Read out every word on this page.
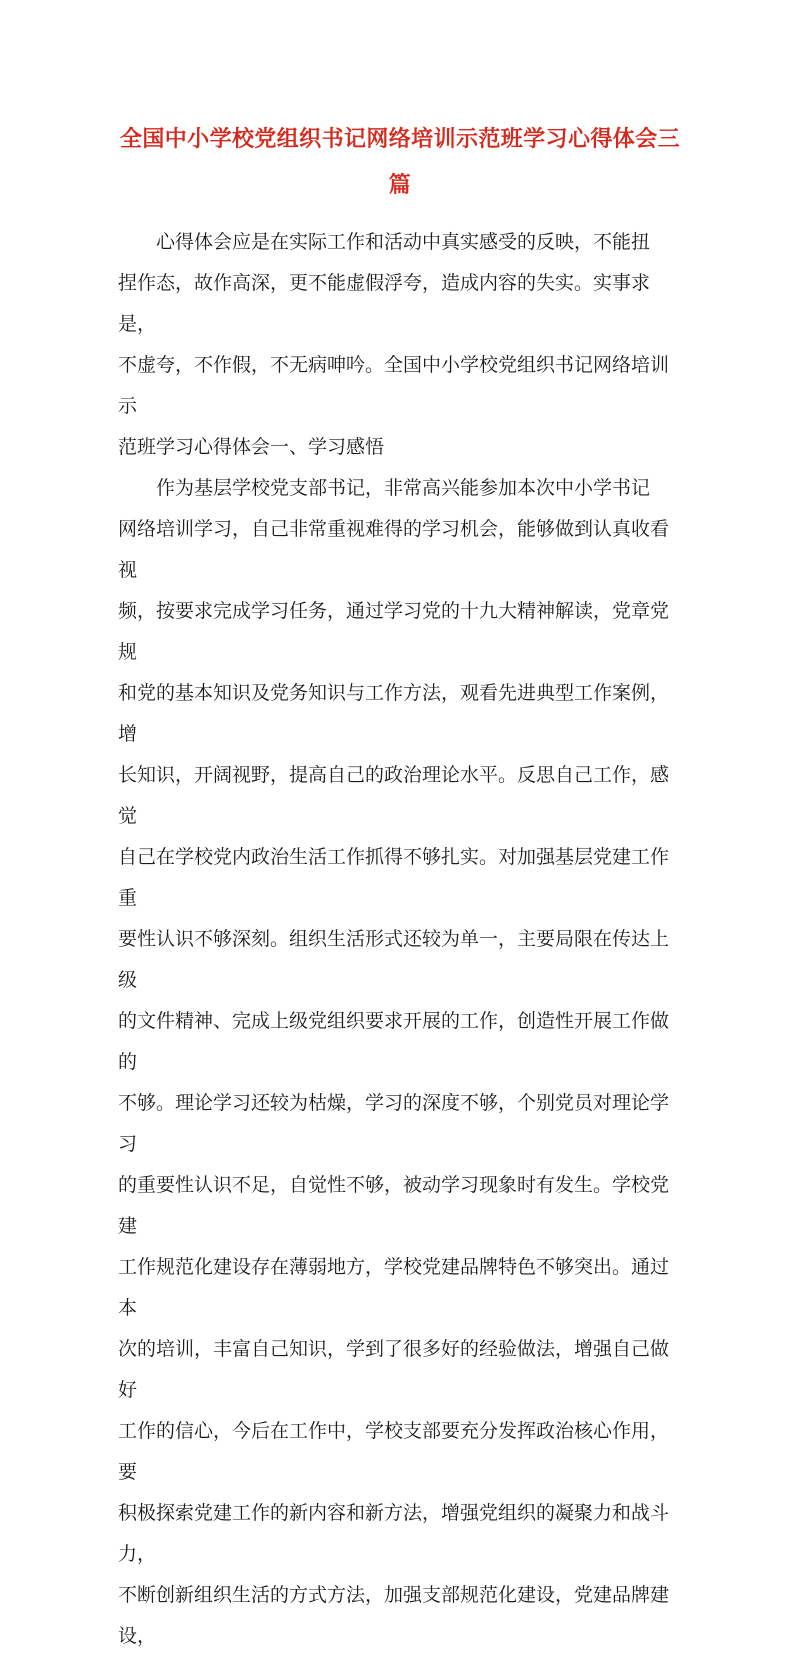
全国中小学校党组织书记网络培训示范班学习心得体会三
篇

心得体会应是在实际工作和活动中真实感受的反映，不能扭
捏作态，故作高深，更不能虚假浮夸，造成内容的失实。实事求是，
不虚夸，不作假，不无病呻吟。全国中小学校党组织书记网络培训示
范班学习心得体会一、学习感悟

作为基层学校党支部书记，非常高兴能参加本次中小学书记
网络培训学习，自己非常重视难得的学习机会，能够做到认真收看视
频，按要求完成学习任务，通过学习党的十九大精神解读，党章党规
和党的基本知识及党务知识与工作方法，观看先进典型工作案例，增
长知识，开阔视野，提高自己的政治理论水平。反思自己工作，感觉
自己在学校党内政治生活工作抓得不够扎实。对加强基层党建工作重
要性认识不够深刻。组织生活形式还较为单一，主要局限在传达上级
的文件精神、完成上级党组织要求开展的工作，创造性开展工作做的
不够。理论学习还较为枯燥，学习的深度不够，个别党员对理论学习
的重要性认识不足，自觉性不够，被动学习现象时有发生。学校党建
工作规范化建设存在薄弱地方，学校党建品牌特色不够突出。通过本
次的培训，丰富自己知识，学到了很多好的经验做法，增强自己做好
工作的信心，今后在工作中，学校支部要充分发挥政治核心作用，要
积极探索党建工作的新内容和新方法，增强党组织的凝聚力和战斗力，
不断创新组织生活的方式方法，加强支部规范化建设，党建品牌建设，
